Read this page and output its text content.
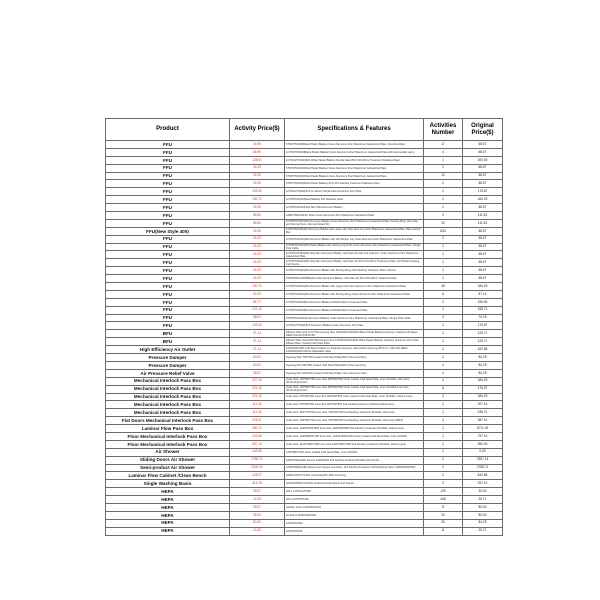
Product	Activity Price($)	Specifications & Features	Activities Number	Original Price($)
FFU	34.99	575X575X320(Blank Plastic Blades) Outer Aluminum Zinc Plate/Inner Galvanized Plate, Industrial Motor	17	68.57
FFU	56.99	1175X575X320(Blank Plastic Blades) Outer Aluminum Zinc Plate/Inner Galvanized Plate with Gammoider Lamp	4	68.57
FFU	128.91	1175X1175X320(304 White Plastic Blades) Double Face BUS 301 Mirror Treatment Stainless Steel	1	200.00
FFU	34.29	575X575X320(White Plastic Blades) Outer Aluminum Zinc Plate/Inner Galvanized Plate	1	68.57
FFU	34.29	575X575X320(White Plastic Blades) Outer Aluminum Zinc Plate/Inner Galvanized Plate	12	68.57
FFU	34.29	575X575X320(White Plastic Blades) SUS 201 Sanding Treatment Stainless Steel	2	68.57
FFU	102.00	1175X1175X320(470 AC Motor) Single Face Aluminum Zinc Plate	1	176.87
FFU	100.71	1175X575X320(Steel Blades) 201 Stainless Steel	1	184.29
FFU	34.29	1175X575X320(Ultra Slim 500 Aluminum Blades)	1	68.57
FFU	85.80	1680X780X259 EC Motor Outer Aluminum Zinc Plate/Inner Galvanized Plate	3	111.43
FFU	85.80	1175X575X320(400 Aluminum Blades) Outer Aluminum Zinc Plate/Inner Galvanized Plate, Ducting Ring, with relay and Normal Open, Normal Closed Dry	20	111.43
FFU(New Style 400)	34.29	575X575X320(400 Aluminum Blades with Large Lid) Outer Aluminum Zinc Plate/Inner Galvanized Plate, Blue Control Box	834	68.57
FFU	34.29	1175X575X320(400 Aluminum Blades with Old Version Lid) Outer Aluminum Zinc Plate/Inner Galvanized Plate	2	68.57
FFU	34.29	1175X575X320(400 Plastic Blades with ducting ring for4G Outer Aluminum Zinc Plate/Inner Galvanized Plate / Single Pole Cable	1	68.57
FFU	34.29	1175X575X320(400 Ultra Slim Aluminum Blades, with Flat Lid) with Led Indicator / Outer Aluminum Zinc Plate/Inner Galvanized Plate	1	68.57
FFU	34.29	1175X575X320(400 Ultra Slim Aluminum Blades, with Flat Lid) SUS 201 Mirror Treatment Plate, with Bottle Hanging Cell Invoice	1	68.57
FFU	34.29	1175X575X320(400 Aluminum Blades with Ducting Ring) 304 Sanding Treatment Plate, Flat Lid	1	68.57
FFU	34.29	575X560X1435X685(Ultra Slim Aluminum Blades, with Flat Lid) SUS 304 Mirror Treatment Plate	1	68.57
FFU	100.71	1175X575X320(400 Aluminum Blades with Large Lid) Outer Aluminum Zinc Plate/Inner Galvanized Plate	46	184.29
FFU	52.29	1175X575X320(400 Aluminum Blades with Ducting Ring) Outer Aluminum Zinc Plate/Inner Galvanized Plate	6	87.14
FFU	86.77	1175X575X320(510 Aluminum Blades) SUS201 Mirror Treatment Plate	2	155.50
FFU	121.43	1175X575X320(510 Aluminum Blades) SUS304 Mirror Treatment Plate	1	155.71
FFU	68.51	575X575X320(510 Aluminum Blades) Outer Aluminum Zinc Plate/Inner Galvanized Plate / Single Pole Cable	3	74.29
FFU	102.00	1175X1175X320(510 Aluminum Blades) Outer Aluminum Zinc Plate	1	176.87
BFU	97.14	Diffuser Plate Size 1172*760 Housing Size 1024X804X440(500 Blank Plastic Blades) Housing: Coated Cold Steel / HEPA Size1170X570X69	1	125.71
BFU	97.14	Diffuser Plate Size1220*930 Housing Size 1175X615X440(500 White Plastic Blades) Housing: Aluminum Zinc Plate, Diffuse Plate: Coated Cold Steel Plate	1	125.71
High Efficiency Air Outlet	37.14	1200X600X780 Cold Steel Coated 1.2 thickness Housing, Side Airflow Opening 2PCS D = 250 with HEPA 1220X610X69 without Adjustable Valve	2	102.86
Pressure Damper	60.00	Opening Size: 550*300 Coated Cold Steel Plate(2612 inline inventory)	2	84.29
Pressure Damper	60.00	Opening Size 520*480 Coated Cold Steel Plate(2612 inline inventory)	4	84.29
Air Pressure Relief Valve	28.57	Opening Size 320X200 Coated Cold Steel Plate, Inner Aluminum Alloy	4	84.29
Mechanical Interlock Pass Box	127.43	Outer Size: 760*660*760 Inner Size 600*600*600 Outer Coated Cold Steel Plate, Inner SUS304, with Lamp (Protruding Doors)	4	184.29
Mechanical Interlock Pass Box	121.43	Outer Size: 760*660*760 Inner Size 600*600*600 Outer Coated Cold Steel Plate, Inner SUS304 Inner Size (Protruding Doors)	6	176.57
Mechanical Interlock Pass Box	121.43	Outer Size 700*660*660 Inner Size 600*500*500 Outer Coated Cold Steel Plate, Inner SUS304, without Lamp	3	184.29
Mechanical Interlock Pass Box	111.43	Outer Size 700*660*660 Inner Size 600*500*500 Full sanding treatment SUS201 without lamp	2	207.14
Mechanical Interlock Pass Box	111.43	Outer Size: 560*470*440 Inner Size: 400*400*400 Full Sanding Treatment SUS304, with Lamp	1	235.71
Flat Doors Mechanical Interlock Pass Box	278.57	Outer Size: 760*660*720 Inner Size: 600*500*600 Full Sanding Treatment SUS304, with Lamp (BMS)	3	387.14
Laminar Flow Pass Box	260.71	Outer Size: 1200X660X1660 Inner Size: 900X900X800 Full Sanding Treatment SUS304, without Lamp	1	1071.43
Floor Mechanical Interlock Pass Box	242.86	Outer Size: 1200X860X1780 Inner Size: 1000X1000X1000 Outer Coated Cold Steel Plate, Inner SUS304	1	797.14
Floor Mechanical Interlock Pass Box	357.14	Outer Size: 1160*1080*1280 Inner Size 1000*1000*1000 Full Sanding Treatment SUS304, without Lamp	2	590.00
Air Shower	442.86	1200*880*2100 Outer Coated Cold Steel Plate, Inner SUS301	1	0.00
Sliding Doors Air Shower	1785.71	1800X1000(width Sensor 1300X2100 Full Sanding Finished SUS304 with Nozzle	2	2357.14
Semi-product Air Shower	2000.00	12000X800X2180 without door frames and doors, Full Sanding Treatment SUS304(Inner Size: 1400X2000X500)	1	2785.71
Laminar Flow Cabinet /Clean Bench	428.57	1500X730X1770 201 sand plate(PO 4087 inventory)	2	842.86
Single Washing Basin	314.29	600X600X820 SUS304 sanding finished faucet and drainer	3	257.14
HEPA	28.57	WS-L 1175X1175X69	129	35.00
HEPA	14.29	WS-L1175X575X69	446	25.71
HEPA	28.57	wooden frame 6100X610X220	8	85.00
HEPA	35.00	AL Frame 6000X300X220	20	85.00
HEPA	50.00	1220X610X69	20	84.29
HEPA	14.29	1165X575X69	8	25.71
